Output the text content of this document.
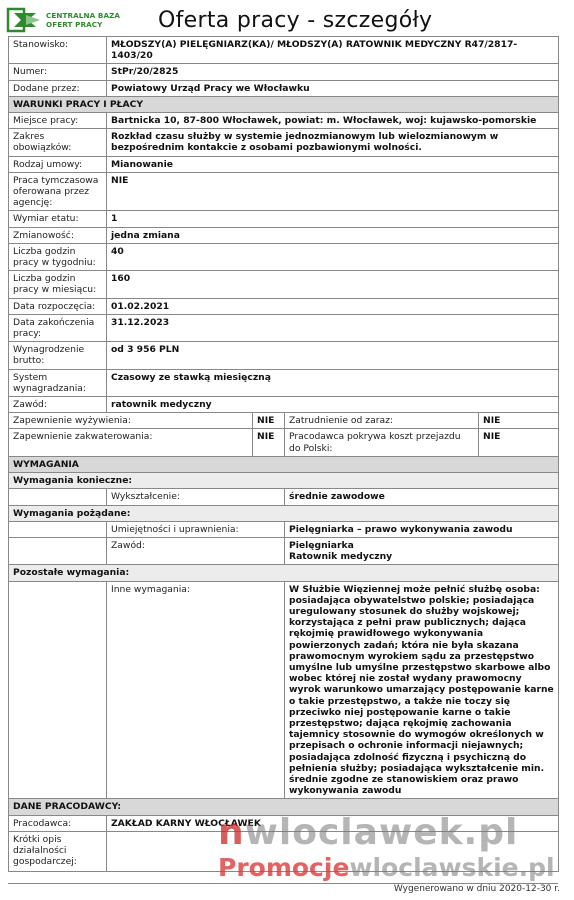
CENTRALNA BAZA
OFERT PRACY	Oferta pracy - szczegóły
Stanowisko:	MŁODSZY(A) PIELĘGNIARZ(KA)/ MŁODSZY(A) RATOWNIK MEDYCZNY R47/2817-1403/20			
Numer:	StPr/20/2825			
Dodane przez:	Powiatowy Urząd Pracy we Włocławku			
WARUNKI PRACY I PŁACY				
Miejsce pracy:	Bartnicka 10, 87-800 Włocławek, powiat: m. Włocławek, woj: kujawsko-pomorskie			
Zakres obowiązków:	Rozkład czasu służby w systemie jednozmianowym lub wielozmianowym w bezpośrednim kontakcie z osobami pozbawionymi wolności.			
Rodzaj umowy:	Mianowanie			
Praca tymczasowa oferowana przez agencję:	NIE			
Wymiar etatu:	1			
Zmianowość:	jedna zmiana			
Liczba godzin pracy w tygodniu:	40			
Liczba godzin pracy w miesiącu:	160			
Data rozpoczęcia:	01.02.2021			
Data zakończenia pracy:	31.12.2023			
Wynagrodzenie brutto:	od 3 956 PLN			
System wynagradzania:	Czasowy ze stawką miesięczną			
Zawód:	ratownik medyczny			
Zapewnienie wyżywienia:		NIE	Zatrudnienie od zaraz:	NIE
Zapewnienie zakwaterowania:		NIE	Pracodawca pokrywa koszt przejazdu do Polski:	NIE
WYMAGANIA				
Wymagania konieczne:				
	Wykształcenie:		średnie zawodowe	
Wymagania pożądane:				
	Umiejętności i uprawnienia:		Pielęgniarka – prawo wykonywania zawodu	
	Zawód:		Pielęgniarka
Ratownik medyczny	

Pozostałe wymagania:				
	Inne wymagania:		W Służbie Więziennej może pełnić służbę osoba: posiadająca obywatelstwo polskie; posiadająca uregulowany stosunek do służby wojskowej; korzystająca z pełni praw publicznych; dająca rękojmię prawidłowego wykonywania powierzonych zadań; która nie była skazana prawomocnym wyrokiem sądu za przestępstwo umyślne lub umyślne przestępstwo skarbowe albo wobec której nie został wydany prawomocny wyrok warunkowo umarzający postępowanie karne o takie przestępstwo, a także nie toczy się przeciwko niej postępowanie karne o takie przestępstwo; dająca rękojmię zachowania tajemnicy stosownie do wymogów określonych w przepisach o ochronie informacji niejawnych; posiadająca zdolność fizyczną i psychiczną do pełnienia służby; posiadająca wykształcenie min. średnie zgodne ze stanowiskiem oraz prawo wykonywania zawodu	
DANE PRACODAWCY:				
Pracodawca:	ZAKŁAD KARNY WŁOCŁAWEK			
Krótki opis działalności gospodarczej:				
nwloclawek.pl
Promocjewloclawskie.pl
Wygenerowano w dniu 2020-12-30 r.
